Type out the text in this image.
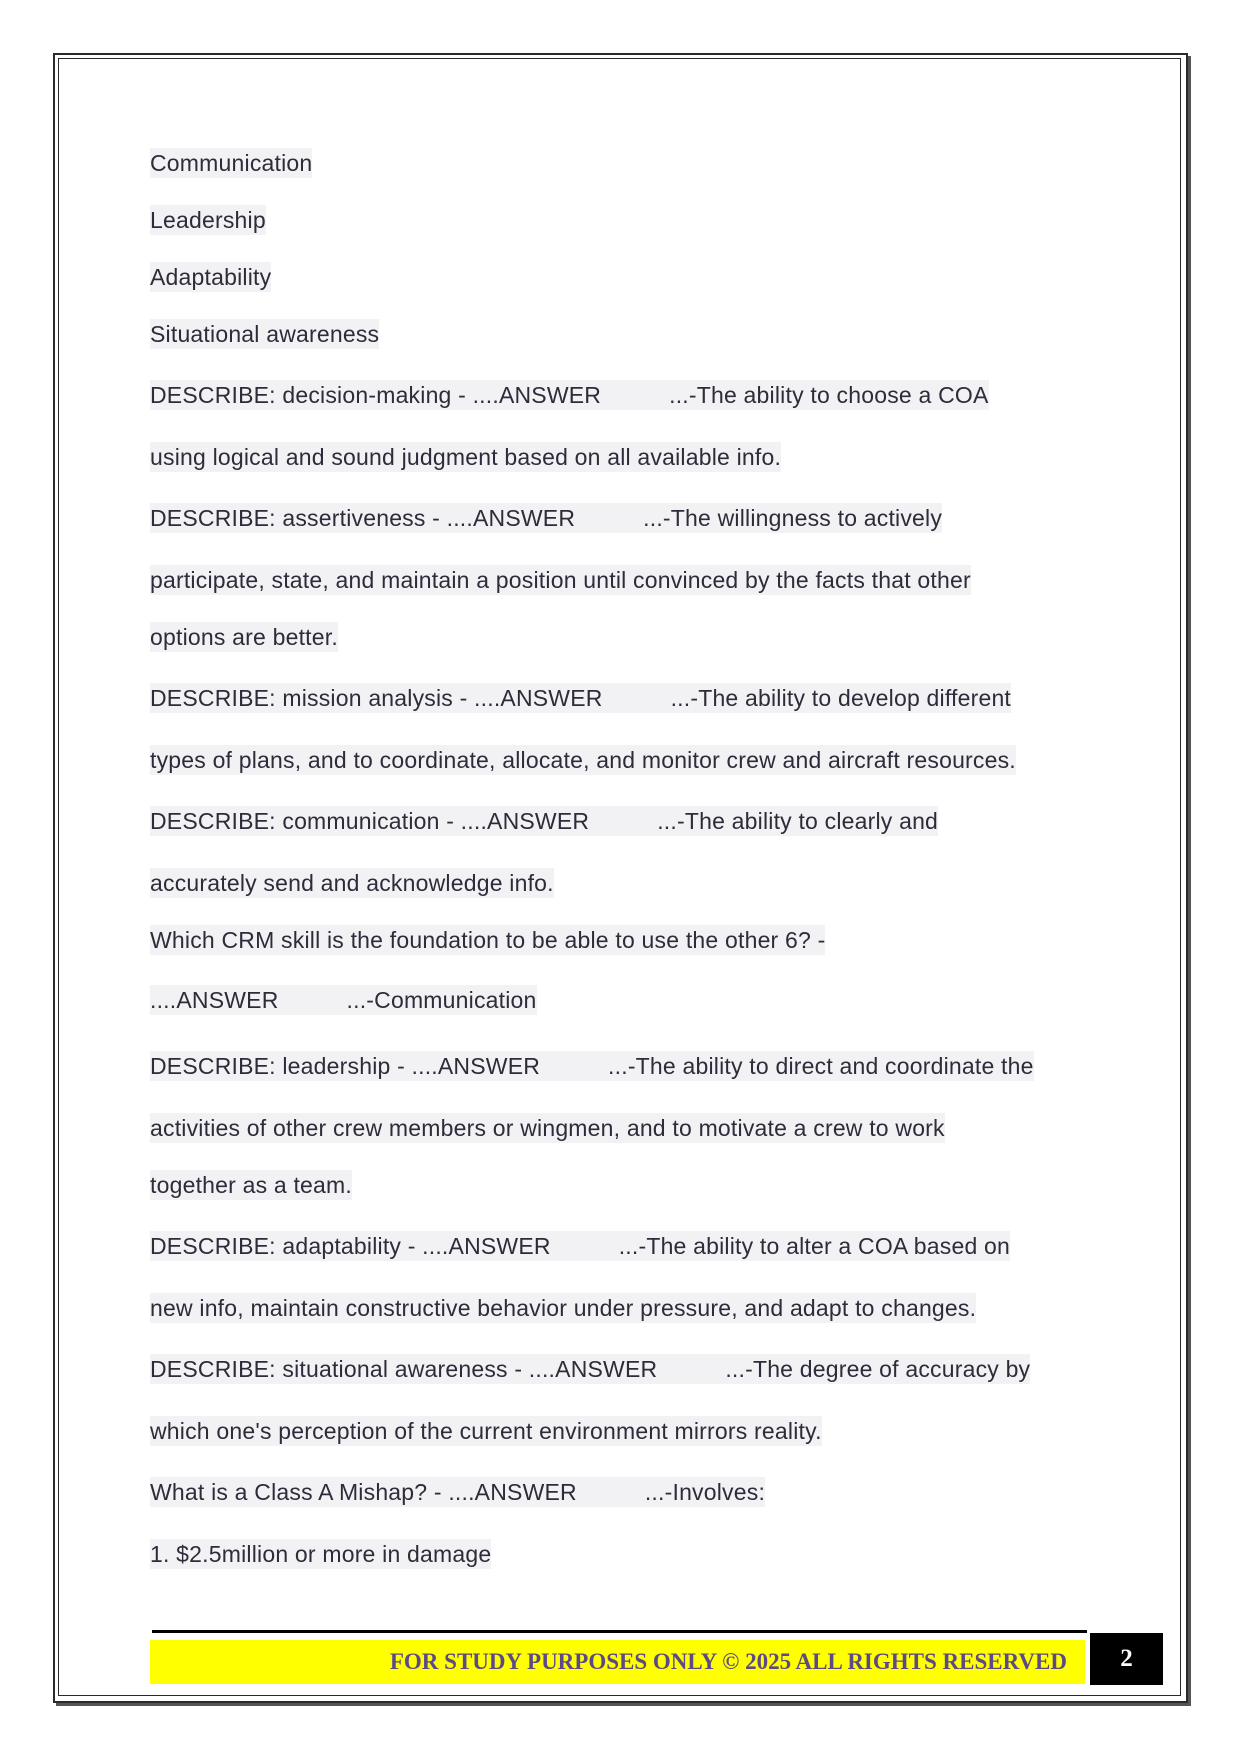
Communication
Leadership
Adaptability
Situational awareness
DESCRIBE: decision-making - ....ANSWER	...-The ability to choose a COA
using logical and sound judgment based on all available info.
DESCRIBE: assertiveness - ....ANSWER	...-The willingness to actively
participate, state, and maintain a position until convinced by the facts that other
options are better.
DESCRIBE: mission analysis - ....ANSWER	...-The ability to develop different
types of plans, and to coordinate, allocate, and monitor crew and aircraft resources.
DESCRIBE: communication - ....ANSWER	...-The ability to clearly and
accurately send and acknowledge info.
Which CRM skill is the foundation to be able to use the other 6? -
....ANSWER	...-Communication
DESCRIBE: leadership - ....ANSWER	...-The ability to direct and coordinate the
activities of other crew members or wingmen, and to motivate a crew to work
together as a team.
DESCRIBE: adaptability - ....ANSWER	...-The ability to alter a COA based on
new info, maintain constructive behavior under pressure, and adapt to changes.
DESCRIBE: situational awareness - ....ANSWER	...-The degree of accuracy by
which one's perception of the current environment mirrors reality.
What is a Class A Mishap? - ....ANSWER	...-Involves:
1. $2.5million or more in damage
FOR STUDY PURPOSES ONLY © 2025 ALL RIGHTS RESERVED	2
